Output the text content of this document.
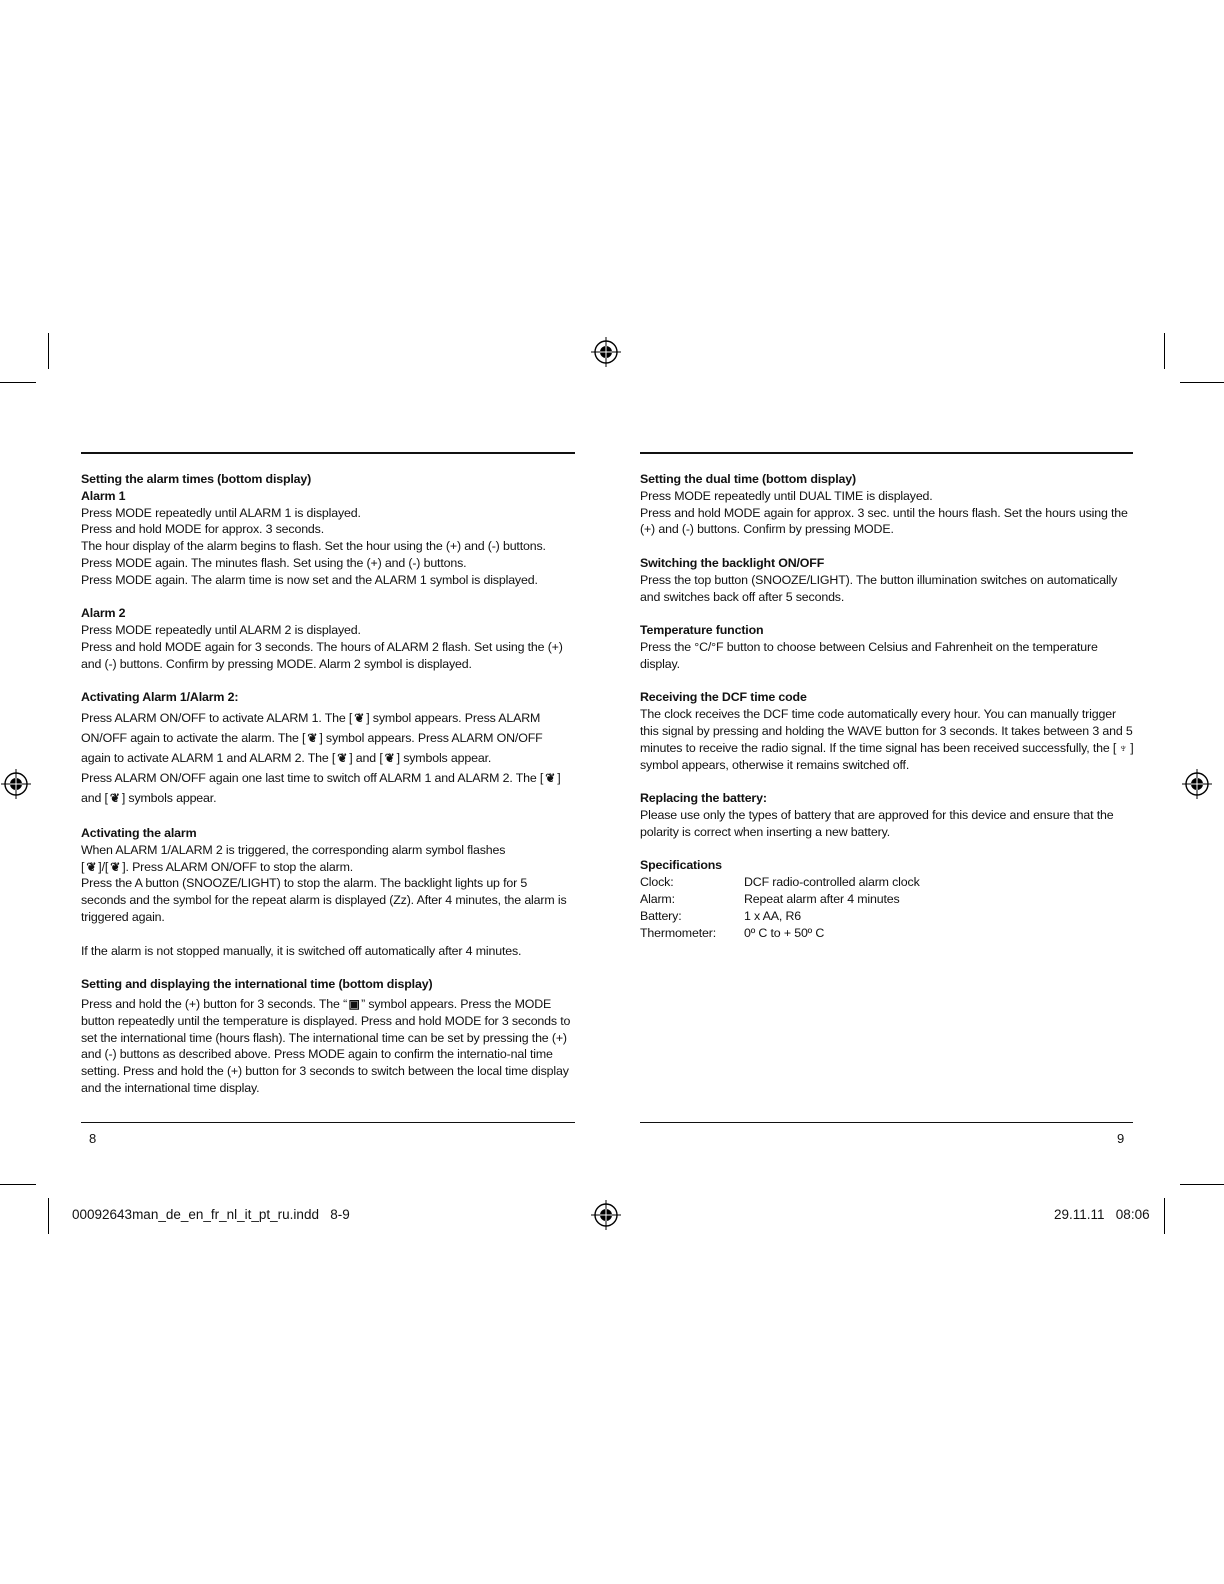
Setting the alarm times (bottom display)
Alarm 1
Press MODE repeatedly until ALARM 1 is displayed.
Press and hold MODE for approx. 3 seconds.
The hour display of the alarm begins to flash. Set the hour using the (+) and (-) buttons.
Press MODE again. The minutes flash. Set using the (+) and (-) buttons.
Press MODE again. The alarm time is now set and the ALARM 1 symbol is displayed.
Alarm 2
Press MODE repeatedly until ALARM 2 is displayed.
Press and hold MODE again for 3 seconds. The hours of ALARM 2 flash. Set using the (+) and (-) buttons. Confirm by pressing MODE. Alarm 2 symbol is displayed.
Activating Alarm 1/Alarm 2:
Press ALARM ON/OFF to activate ALARM 1. The [ ❦ ] symbol appears. Press ALARM ON/OFF again to activate the alarm. The [ ❦ ] symbol appears. Press ALARM ON/OFF again to activate ALARM 1 and ALARM 2. The [ ❦ ] and [ ❦ ] symbols appear.
Press ALARM ON/OFF again one last time to switch off ALARM 1 and ALARM 2. The [ ❦ ] and [ ❦ ] symbols appear.
Activating the alarm
When ALARM 1/ALARM 2 is triggered, the corresponding alarm symbol flashes
[ ❦ ]/[ ❦ ]. Press ALARM ON/OFF to stop the alarm.
Press the A button (SNOOZE/LIGHT) to stop the alarm. The backlight lights up for 5 seconds and the symbol for the repeat alarm is displayed (Zz). After 4 minutes, the alarm is triggered again.
If the alarm is not stopped manually, it is switched off automatically after 4 minutes.
Setting and displaying the international time (bottom display)
Press and hold the (+) button for 3 seconds. The “▣” symbol appears. Press the MODE button repeatedly until the temperature is displayed. Press and hold MODE for 3 seconds to set the international time (hours flash). The international time can be set by pressing the (+) and (-) buttons as described above. Press MODE again to confirm the internatio-nal time setting. Press and hold the (+) button for 3 seconds to switch between the local time display and the international time display.
8
Setting the dual time (bottom display)
Press MODE repeatedly until DUAL TIME is displayed.
Press and hold MODE again for approx. 3 sec. until the hours flash. Set the hours using the (+) and (-) buttons. Confirm by pressing MODE.
Switching the backlight ON/OFF
Press the top button (SNOOZE/LIGHT). The button illumination switches on automatically and switches back off after 5 seconds.
Temperature function
Press the °C/°F button to choose between Celsius and Fahrenheit on the temperature display.
Receiving the DCF time code
The clock receives the DCF time code automatically every hour. You can manually trigger this signal by pressing and holding the WAVE button for 3 seconds. It takes between 3 and 5 minutes to receive the radio signal. If the time signal has been received successfully, the [ ♆ ] symbol appears, otherwise it remains switched off.
Replacing the battery:
Please use only the types of battery that are approved for this device and ensure that the polarity is correct when inserting a new battery.
Specifications
Clock:	DCF radio-controlled alarm clock
Alarm:	Repeat alarm after 4 minutes
Battery:	1 x AA, R6
Thermometer:	0º C to + 50º C
9
00092643man_de_en_fr_nl_it_pt_ru.indd   8-9	29.11.11   08:06
